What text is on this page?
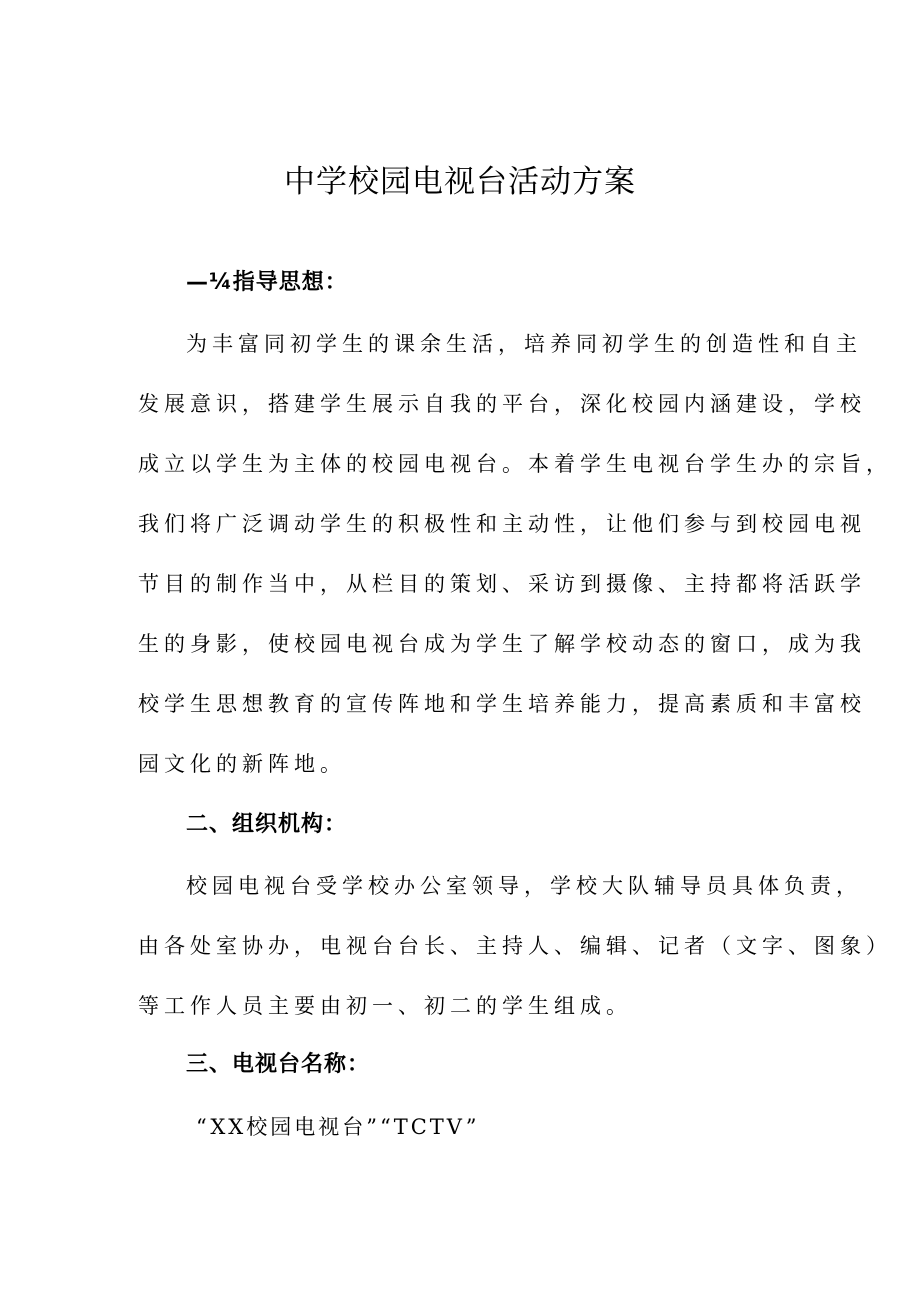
中学校园电视台活动方案
—¼指导思想：
为丰富同初学生的课余生活，培养同初学生的创造性和自主
发展意识，搭建学生展示自我的平台，深化校园内涵建设，学校
成立以学生为主体的校园电视台。本着学生电视台学生办的宗旨，
我们将广泛调动学生的积极性和主动性，让他们参与到校园电视
节目的制作当中，从栏目的策划、采访到摄像、主持都将活跃学
生的身影，使校园电视台成为学生了解学校动态的窗口，成为我
校学生思想教育的宣传阵地和学生培养能力，提高素质和丰富校
园文化的新阵地。
二、组织机构：
校园电视台受学校办公室领导，学校大队辅导员具体负责，
由各处室协办，电视台台长、主持人、编辑、记者（文字、图象）
等工作人员主要由初一、初二的学生组成。
三、电视台名称：
“XX校园电视台”“TCTV”
